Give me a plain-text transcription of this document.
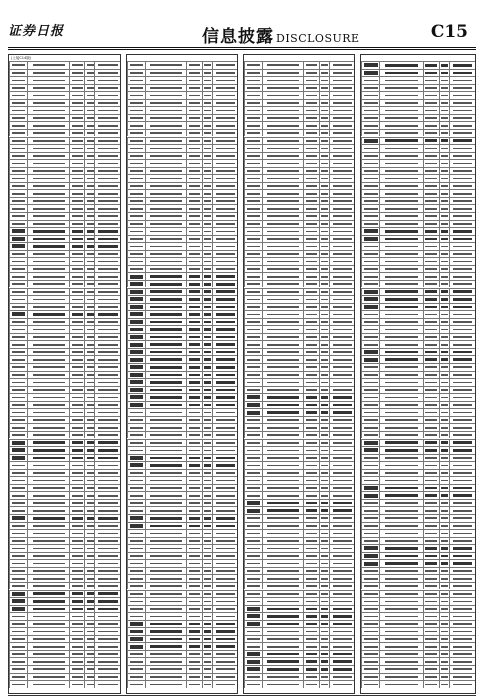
证券日报	信息披露 DISCLOSURE	C15
(上接C14版)
